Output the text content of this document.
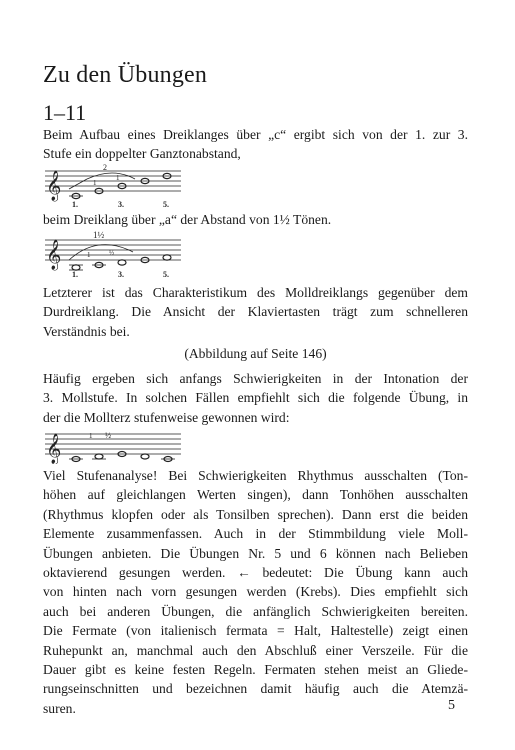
Zu den Übungen
1–11

Beim Aufbau eines Dreiklanges über „c“ ergibt sich von der 1. zur 3.
Stufe ein doppelter Ganztonabstand,

𝄞
2
1
1
1.	3.	5.

beim Dreiklang über „a“ der Abstand von 1½ Tönen.

𝄞
1½
1	½
1.	3.	5.

Letzterer ist das Charakteristikum des Molldreiklangs gegenüber dem
Durdreiklang. Die Ansicht der Klaviertasten trägt zum schnelleren
Verständnis bei.

(Abbildung auf Seite 146)

Häufig ergeben sich anfangs Schwierigkeiten in der Intonation der
3. Mollstufe. In solchen Fällen empfiehlt sich die folgende Übung, in
der die Mollterz stufenweise gewonnen wird:

𝄞	1 ½

Viel Stufenanalyse! Bei Schwierigkeiten Rhythmus ausschalten (Ton-
höhen auf gleichlangen Werten singen), dann Tonhöhen ausschalten
(Rhythmus klopfen oder als Tonsilben sprechen). Dann erst die beiden
Elemente zusammenfassen. Auch in der Stimmbildung viele Moll-
Übungen anbieten. Die Übungen Nr. 5 und 6 können nach Belieben
oktavierend gesungen werden. ← bedeutet: Die Übung kann auch
von hinten nach vorn gesungen werden (Krebs). Dies empfiehlt sich
auch bei anderen Übungen, die anfänglich Schwierigkeiten bereiten.
Die Fermate (von italienisch fermata = Halt, Haltestelle) zeigt einen
Ruhepunkt an, manchmal auch den Abschluß einer Verszeile. Für die
Dauer gibt es keine festen Regeln. Fermaten stehen meist an Gliede-
rungseinschnitten und bezeichnen damit häufig auch die Atemzä-
suren.	5
